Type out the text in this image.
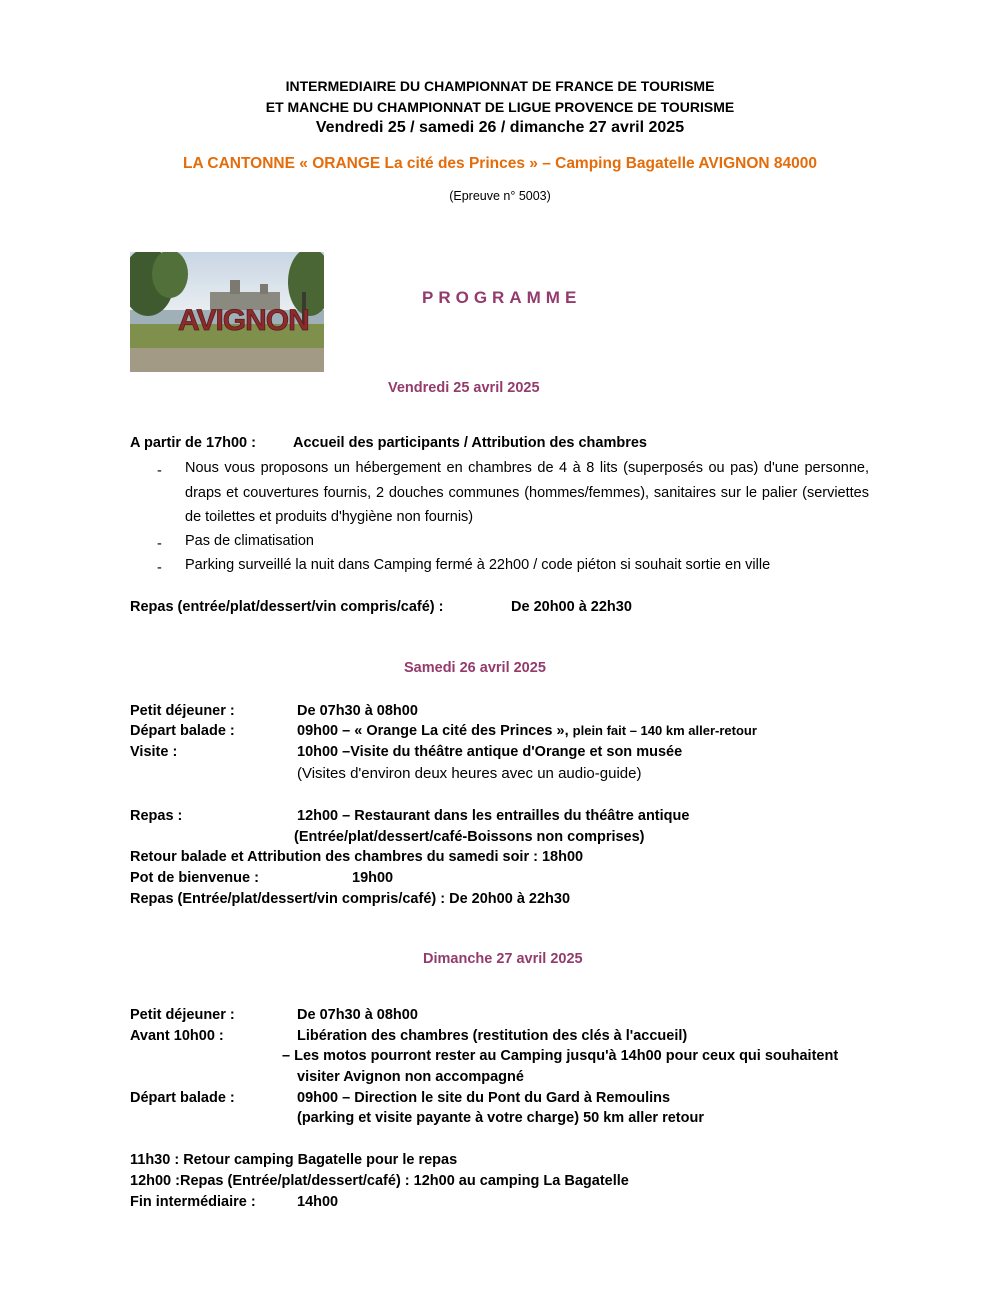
INTERMEDIAIRE DU CHAMPIONNAT DE FRANCE DE TOURISME
ET MANCHE DU CHAMPIONNAT DE LIGUE PROVENCE DE TOURISME
Vendredi 25 / samedi 26 / dimanche 27 avril 2025
LA CANTONNE « ORANGE La cité des Princes » – Camping Bagatelle AVIGNON 84000
(Epreuve n° 5003)
AVIGNON
PROGRAMME
Vendredi 25 avril 2025
A partir de 17h00 :	Accueil des participants / Attribution des chambres
- Nous vous proposons un hébergement en chambres de 4 à 8 lits (superposés ou pas) d'une personne, draps et couvertures fournis, 2 douches communes (hommes/femmes), sanitaires sur le palier (serviettes de toilettes et produits d'hygiène non fournis)
- Pas de climatisation
- Parking surveillé la nuit dans Camping fermé à 22h00 / code piéton si souhait sortie en ville
Repas (entrée/plat/dessert/vin compris/café) :	De 20h00 à 22h30
Samedi 26 avril 2025
Petit déjeuner :	De 07h30 à 08h00
Départ balade :	09h00 – « Orange La cité des Princes », plein fait – 140 km aller-retour
Visite :	10h00 –Visite du théâtre antique d'Orange et son musée
(Visites d'environ deux heures avec un audio-guide)
Repas :	12h00 – Restaurant dans les entrailles du théâtre antique
(Entrée/plat/dessert/café-Boissons non comprises)
Retour balade et Attribution des chambres du samedi soir : 18h00
Pot de bienvenue :	19h00
Repas (Entrée/plat/dessert/vin compris/café) : De 20h00 à 22h30
Dimanche 27 avril 2025
Petit déjeuner :	De 07h30 à 08h00
Avant 10h00 :	Libération des chambres (restitution des clés à l'accueil)
– Les motos pourront rester au Camping jusqu'à 14h00 pour ceux qui souhaitent
visiter Avignon non accompagné
Départ balade :	09h00 – Direction le site du Pont du Gard à Remoulins
(parking et visite payante à votre charge) 50 km aller retour
11h30 : Retour camping Bagatelle pour le repas
12h00 :Repas (Entrée/plat/dessert/café) : 12h00 au camping La Bagatelle
Fin intermédiaire :	14h00
